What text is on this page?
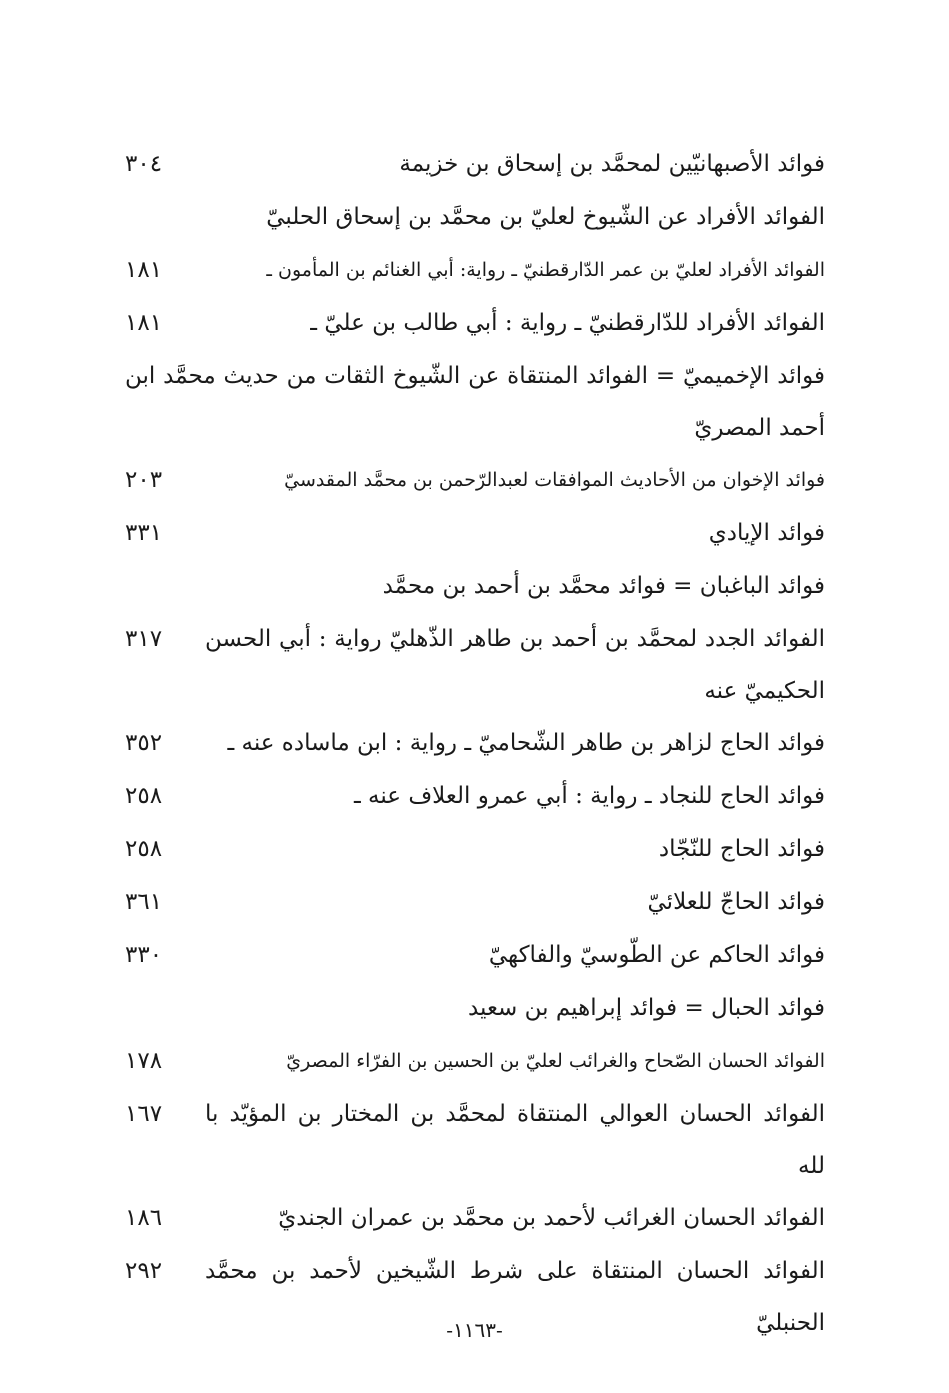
فوائد الأصبهانيّين لمحمَّد بن إسحاق بن خزيمة
٣٠٤
الفوائد الأفراد عن الشّيوخ لعليّ بن محمَّد بن إسحاق الحلبيّ
الفوائد الأفراد لعليّ بن عمر الدّارقطنيّ ـ رواية: أبي الغنائم بن المأمون ـ
١٨١
الفوائد الأفراد للدّارقطنيّ ـ رواية : أبي طالب بن عليّ ـ
١٨١
فوائد الإخميميّ = الفوائد المنتقاة عن الشّيوخ الثقات من حديث محمَّد ابن أحمد المصريّ
فوائد الإخوان من الأحاديث الموافقات لعبدالرّحمن بن محمَّد المقدسيّ
٢٠٣
فوائد الإيادي
٣٣١
فوائد الباغبان = فوائد محمَّد بن أحمد بن محمَّد
الفوائد الجدد لمحمَّد بن أحمد بن طاهر الذّهليّ رواية : أبي الحسن الحكيميّ عنه
٣١٧
فوائد الحاج لزاهر بن طاهر الشّحاميّ ـ رواية : ابن ماساده عنه ـ
٣٥٢
فوائد الحاج للنجاد ـ رواية : أبي عمرو العلاف عنه ـ
٢٥٨
فوائد الحاج للنّجّاد
٢٥٨
فوائد الحاجّ للعلائيّ
٣٦١
فوائد الحاكم عن الطّوسيّ والفاكهيّ
٣٣٠
فوائد الحبال = فوائد إبراهيم بن سعيد
الفوائد الحسان الصّحاح والغرائب لعليّ بن الحسين بن الفرّاء المصريّ
١٧٨
الفوائد الحسان العوالي المنتقاة لمحمَّد بن المختار بن المؤيّد با لله
١٦٧
الفوائد الحسان الغرائب لأحمد بن محمَّد بن عمران الجنديّ
١٨٦
الفوائد الحسان المنتقاة على شرط الشّيخين لأحمد بن محمَّد الحنبليّ
٢٩٢
-١١٦٣-
